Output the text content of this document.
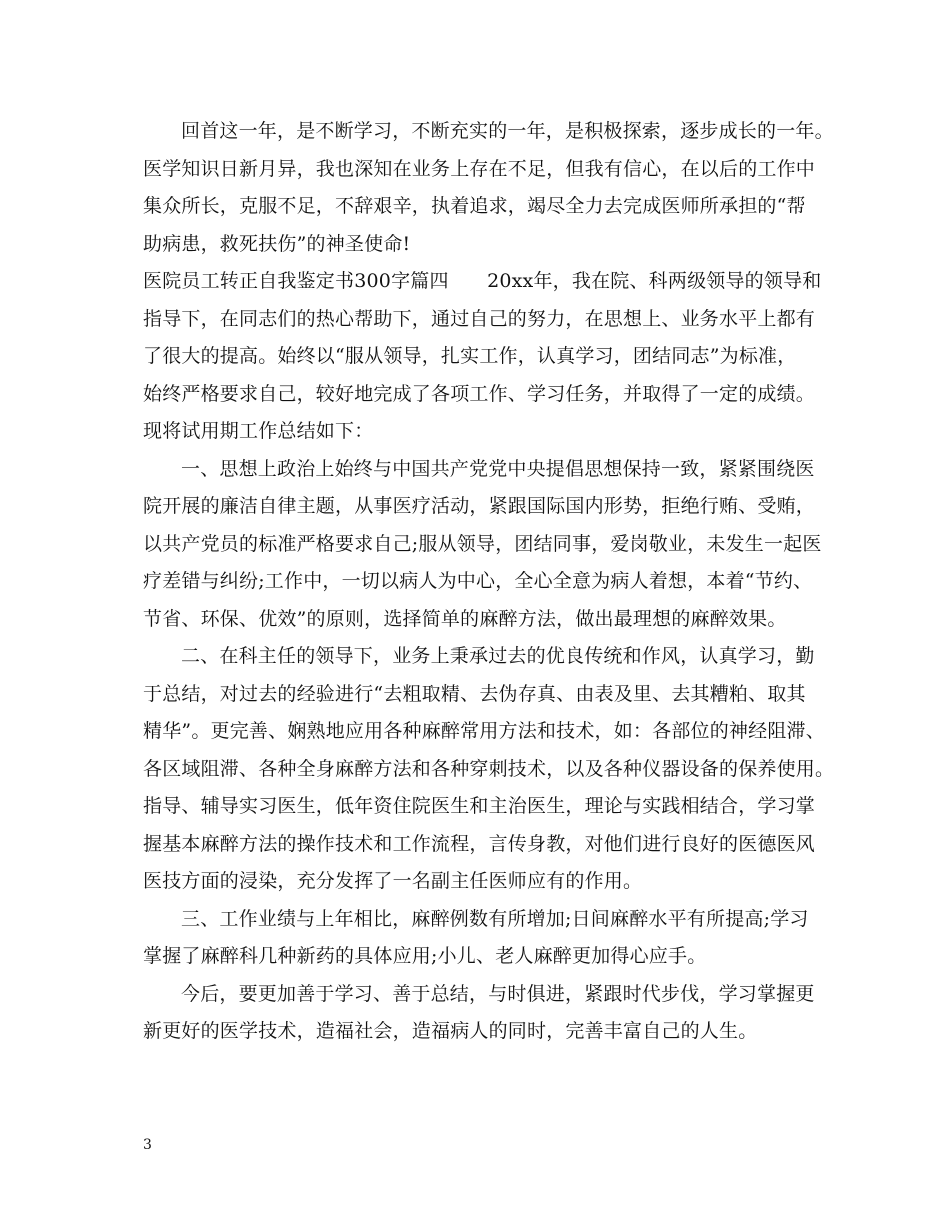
回首这一年，是不断学习，不断充实的一年，是积极探索，逐步成长的一年。
医学知识日新月异，我也深知在业务上存在不足，但我有信心，在以后的工作中
集众所长，克服不足，不辞艰辛，执着追求，竭尽全力去完成医师所承担的“帮
助病患，救死扶伤”的神圣使命!
医院员工转正自我鉴定书300字篇四　　20xx年，我在院、科两级领导的领导和
指导下，在同志们的热心帮助下，通过自己的努力，在思想上、业务水平上都有
了很大的提高。始终以“服从领导，扎实工作，认真学习，团结同志”为标准，
始终严格要求自己，较好地完成了各项工作、学习任务，并取得了一定的成绩。
现将试用期工作总结如下：
一、思想上政治上始终与中国共产党党中央提倡思想保持一致，紧紧围绕医
院开展的廉洁自律主题，从事医疗活动，紧跟国际国内形势，拒绝行贿、受贿，
以共产党员的标准严格要求自己;服从领导，团结同事，爱岗敬业，未发生一起医
疗差错与纠纷;工作中，一切以病人为中心，全心全意为病人着想，本着“节约、
节省、环保、优效”的原则，选择简单的麻醉方法，做出最理想的麻醉效果。
二、在科主任的领导下，业务上秉承过去的优良传统和作风，认真学习，勤
于总结，对过去的经验进行“去粗取精、去伪存真、由表及里、去其糟粕、取其
精华”。更完善、娴熟地应用各种麻醉常用方法和技术，如：各部位的神经阻滞、
各区域阻滞、各种全身麻醉方法和各种穿刺技术，以及各种仪器设备的保养使用。
指导、辅导实习医生，低年资住院医生和主治医生，理论与实践相结合，学习掌
握基本麻醉方法的操作技术和工作流程，言传身教，对他们进行良好的医德医风
医技方面的浸染，充分发挥了一名副主任医师应有的作用。
三、工作业绩与上年相比，麻醉例数有所增加;日间麻醉水平有所提高;学习
掌握了麻醉科几种新药的具体应用;小儿、老人麻醉更加得心应手。
今后，要更加善于学习、善于总结，与时俱进，紧跟时代步伐，学习掌握更
新更好的医学技术，造福社会，造福病人的同时，完善丰富自己的人生。
3
